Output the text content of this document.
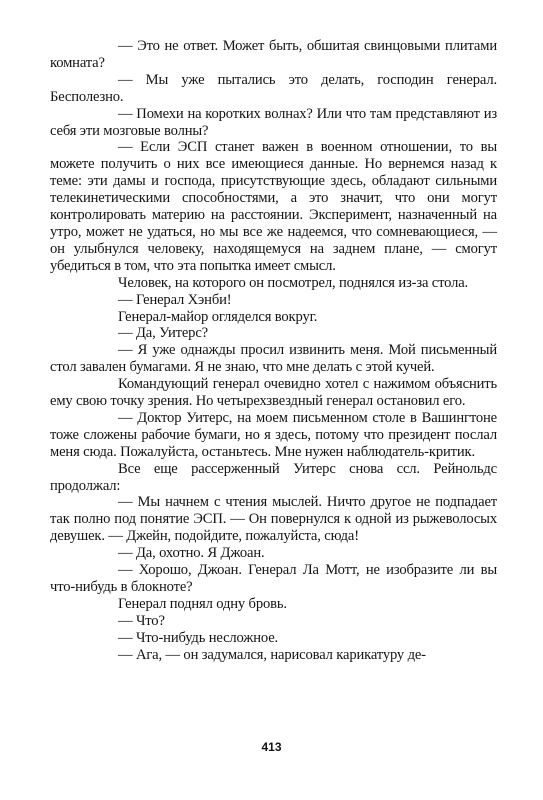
— Это не ответ. Может быть, обшитая свинцовыми плитами комната?

— Мы уже пытались это делать, господин генерал. Бесполезно.

— Помехи на коротких волнах? Или что там представляют из себя эти мозговые волны?

— Если ЭСП станет важен в военном отношении, то вы можете получить о них все имеющиеся данные. Но вернемся назад к теме: эти дамы и господа, присутствующие здесь, обладают сильными телекинетическими способностями, а это значит, что они могут контролировать материю на расстоянии. Эксперимент, назначенный на утро, может не удаться, но мы все же надеемся, что сомневающиеся, — он улыбнулся человеку, находящемуся на заднем плане, — смогут убедиться в том, что эта попытка имеет смысл.

Человек, на которого он посмотрел, поднялся из-за стола.

— Генерал Хэнби!

Генерал-майор огляделся вокруг.

— Да, Уитерс?

— Я уже однажды просил извинить меня. Мой письменный стол завален бумагами. Я не знаю, что мне делать с этой кучей.

Командующий генерал очевидно хотел с нажимом объяснить ему свою точку зрения. Но четырехзвездный генерал остановил его.

— Доктор Уитерс, на моем письменном столе в Вашингтоне тоже сложены рабочие бумаги, но я здесь, потому что президент послал меня сюда. Пожалуйста, останьтесь. Мне нужен наблюдатель-критик.

Все еще рассерженный Уитерс снова ссл. Рейнольдс продолжал:

— Мы начнем с чтения мыслей. Ничто другое не подпадает так полно под понятие ЭСП. — Он повернулся к одной из рыжеволосых девушек. — Джейн, подойдите, пожалуйста, сюда!

— Да, охотно. Я Джоан.

— Хорошо, Джоан. Генерал Ла Мотт, не изобразите ли вы что-нибудь в блокноте?

Генерал поднял одну бровь.

— Что?

— Что-нибудь несложное.

— Ага, — он задумался, нарисовал карикатуру де-

413
